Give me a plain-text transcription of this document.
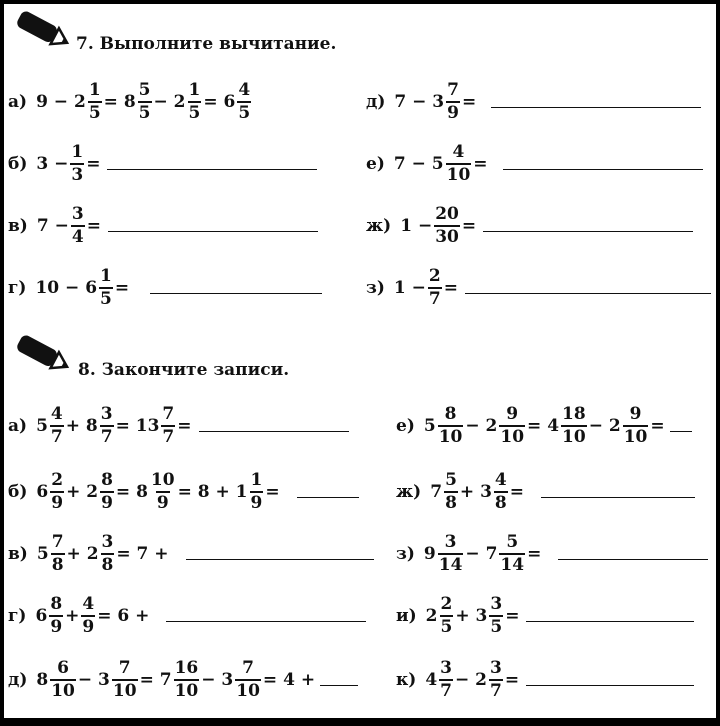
7. Выполните вычитание.
а) $9 - 2 \frac{1}{5} = 8 \frac{5}{5} - 2 \frac{1}{5} = 6 \frac{4}{5}$
б) $3 - \frac{1}{3}$ =
в) $7 - \frac{3}{4}$ =
г) $10 - 6 \frac{1}{5}$ =
д) $7 - 3 \frac{7}{9}$ =
е) $7 - 5 \frac{4}{10}$ =
ж) $1 - \frac{20}{30}$ =
з) $1 - \frac{2}{7}$ =
8. Закончите записи.
а) $5 \frac{4}{7} + 8 \frac{3}{7} = 13 \frac{7}{7}$ =
б) $6 \frac{2}{9} + 2 \frac{8}{9} = 8 \frac{10}{9} = 8 + 1 \frac{1}{9}$ =
в) $5 \frac{7}{8} + 2 \frac{3}{8} = 7$ +
г) $6 \frac{8}{9} + \frac{4}{9} = 6$ +
д) $8 \frac{6}{10} - 3 \frac{7}{10} = 7 \frac{16}{10} - 3 \frac{7}{10} = 4$ +
е) $5 \frac{8}{10} - 2 \frac{9}{10} = 4 \frac{18}{10} - 2 \frac{9}{10}$ =
ж) $7 \frac{5}{8} + 3 \frac{4}{8}$ =
з) $9 \frac{3}{14} - 7 \frac{5}{14}$ =
и) $2 \frac{2}{5} + 3 \frac{3}{5}$ =
к) $4 \frac{3}{7} - 2 \frac{3}{7}$ =
